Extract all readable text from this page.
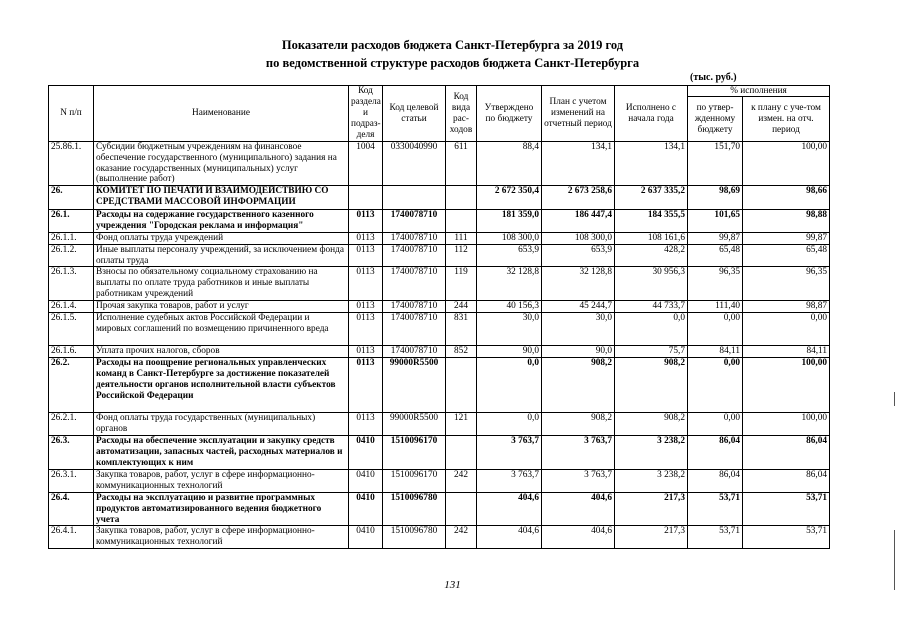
Показатели расходов бюджета Санкт-Петербурга за 2019 год
по ведомственной структуре расходов бюджета Санкт-Петербурга
(тыс. руб.)
N п/п	Наименование	Код раздела и подраз-деля	Код целевой статьи	Код вида рас-ходов	Утверждено по бюджету	План с учетом изменений на отчетный период	Исполнено с начала года	% исполнения	
								по утвер-жденному бюджету	к плану с уче-том измен. на отч. период
25.86.1.	Субсидии бюджетным учреждениям на финансовое обеспечение государственного (муниципального) задания на оказание государственных (муниципальных) услуг (выполнение работ)	1004	0330040990	611	88,4	134,1	134,1	151,70	100,00
26.	КОМИТЕТ ПО ПЕЧАТИ И ВЗАИМОДЕЙСТВИЮ СО СРЕДСТВАМИ МАССОВОЙ ИНФОРМАЦИИ				2 672 350,4	2 673 258,6	2 637 335,2	98,69	98,66
26.1.	Расходы на содержание государственного казенного учреждения "Городская реклама и информация"	0113	1740078710		181 359,0	186 447,4	184 355,5	101,65	98,88
26.1.1.	Фонд оплаты труда учреждений	0113	1740078710	111	108 300,0	108 300,0	108 161,6	99,87	99,87
26.1.2.	Иные выплаты персоналу учреждений, за исключением фонда оплаты труда	0113	1740078710	112	653,9	653,9	428,2	65,48	65,48
26.1.3.	Взносы по обязательному социальному страхованию на выплаты по оплате труда работников и иные выплаты работникам учреждений	0113	1740078710	119	32 128,8	32 128,8	30 956,3	96,35	96,35
26.1.4.	Прочая закупка товаров, работ и услуг	0113	1740078710	244	40 156,3	45 244,7	44 733,7	111,40	98,87
26.1.5.	Исполнение судебных актов Российской Федерации и мировых соглашений по возмещению причиненного вреда	0113	1740078710	831	30,0	30,0	0,0	0,00	0,00
26.1.6.	Уплата прочих налогов, сборов	0113	1740078710	852	90,0	90,0	75,7	84,11	84,11
26.2.	Расходы на поощрение региональных управленческих команд в Санкт-Петербурге за достижение показателей деятельности органов исполнительной власти субъектов Российской Федерации	0113	99000R5500		0,0	908,2	908,2	0,00	100,00
26.2.1.	Фонд оплаты труда государственных (муниципальных) органов	0113	99000R5500	121	0,0	908,2	908,2	0,00	100,00
26.3.	Расходы на обеспечение эксплуатации и закупку средств автоматизации, запасных частей, расходных материалов и комплектующих к ним	0410	1510096170		3 763,7	3 763,7	3 238,2	86,04	86,04
26.3.1.	Закупка товаров, работ, услуг в сфере информационно-коммуникационных технологий	0410	1510096170	242	3 763,7	3 763,7	3 238,2	86,04	86,04
26.4.	Расходы на эксплуатацию и развитие программных продуктов автоматизированного ведения бюджетного учета	0410	1510096780		404,6	404,6	217,3	53,71	53,71
26.4.1.	Закупка товаров, работ, услуг в сфере информационно-коммуникационных технологий	0410	1510096780	242	404,6	404,6	217,3	53,71	53,71
131
